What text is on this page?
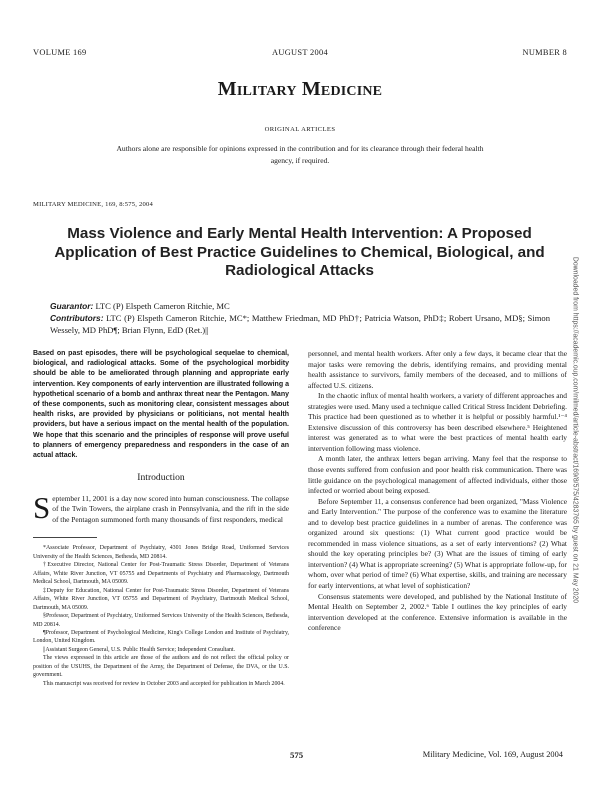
VOLUME 169	AUGUST 2004	NUMBER 8
Military Medicine
ORIGINAL ARTICLES
Authors alone are responsible for opinions expressed in the contribution and for its clearance through their federal health agency, if required.
MILITARY MEDICINE, 169, 8:575, 2004
Mass Violence and Early Mental Health Intervention: A Proposed Application of Best Practice Guidelines to Chemical, Biological, and Radiological Attacks
Guarantor: LTC (P) Elspeth Cameron Ritchie, MC
Contributors: LTC (P) Elspeth Cameron Ritchie, MC*; Matthew Friedman, MD PhD†; Patricia Watson, PhD‡; Robert Ursano, MD§; Simon Wessely, MD PhD¶; Brian Flynn, EdD (Ret.)||

Based on past episodes, there will be psychological sequelae to chemical, biological, and radiological attacks. Some of the psychological morbidity should be able to be ameliorated through planning and appropriate early intervention. Key components of early intervention are illustrated following a hypothetical scenario of a bomb and anthrax threat near the Pentagon. Many of these components, such as monitoring clear, consistent messages about health risks, are provided by physicians or politicians, not mental health providers, but have a serious impact on the mental health of the population. We hope that this scenario and the principles of response will prove useful to planners of emergency preparedness and responders in the case of an actual attack.

Introduction

September 11, 2001 is a day now scored into human consciousness. The collapse of the Twin Towers, the airplane crash in Pennsylvania, and the rift in the side of the Pentagon summoned forth many thousands of first responders, medical

*Associate Professor, Department of Psychiatry, 4301 Jones Bridge Road, Uniformed Services University of the Health Sciences, Bethesda, MD 20814.

†Executive Director, National Center for Post-Traumatic Stress Disorder, Department of Veterans Affairs, White River Junction, VT 05755 and Departments of Psychiatry and Pharmacology, Dartmouth Medical School, Dartmouth, MA 05009.

‡Deputy for Education, National Center for Post-Traumatic Stress Disorder, Department of Veterans Affairs, White River Junction, VT 05755 and Department of Psychiatry, Dartmouth Medical School, Dartmouth, MA 05009.

§Professor, Department of Psychiatry, Uniformed Services University of the Health Sciences, Bethesda, MD 20814.

¶Professor, Department of Psychological Medicine, King's College London and Institute of Psychiatry, London, United Kingdom.

||Assistant Surgeon General, U.S. Public Health Service; Independent Consultant.

The views expressed in this article are those of the authors and do not reflect the official policy or position of the USUHS, the Department of the Army, the Department of Defense, the DVA, or the U.S. government.

This manuscript was received for review in October 2003 and accepted for publication in March 2004.

personnel, and mental health workers. After only a few days, it became clear that the major tasks were removing the debris, identifying remains, and providing mental health assistance to survivors, family members of the deceased, and to millions of affected U.S. citizens.

In the chaotic influx of mental health workers, a variety of different approaches and strategies were used. Many used a technique called Critical Stress Incident Debriefing. This practice had been questioned as to whether it is helpful or possibly harmful.¹⁻⁴ Extensive discussion of this controversy has been described elsewhere.⁵ Heightened interest was generated as to what were the best practices of mental health early intervention following mass violence.

A month later, the anthrax letters began arriving. Many feel that the response to those events suffered from confusion and poor health risk communication. There was little guidance on the psychological management of affected individuals, either those infected or worried about being exposed.

Before September 11, a consensus conference had been organized, "Mass Violence and Early Intervention." The purpose of the conference was to examine the literature and to develop best practice guidelines in a number of arenas. The conference was organized around six questions: (1) What current good practice would be recommended in mass violence situations, as a set of early interventions? (2) What should the key operating principles be? (3) What are the issues of timing of early intervention? (4) What is appropriate screening? (5) What is appropriate follow-up, for whom, over what period of time? (6) What expertise, skills, and training are necessary for early interventions, at what level of sophistication?

Consensus statements were developed, and published by the National Institute of Mental Health on September 2, 2002.⁶ Table I outlines the key principles of early intervention developed at the conference. Extensive information is available in the conference

575	Military Medicine, Vol. 169, August 2004
Downloaded from https://academic.oup.com/milmed/article-abstract/169/8/575/4283765 by guest on 21 May 2020
